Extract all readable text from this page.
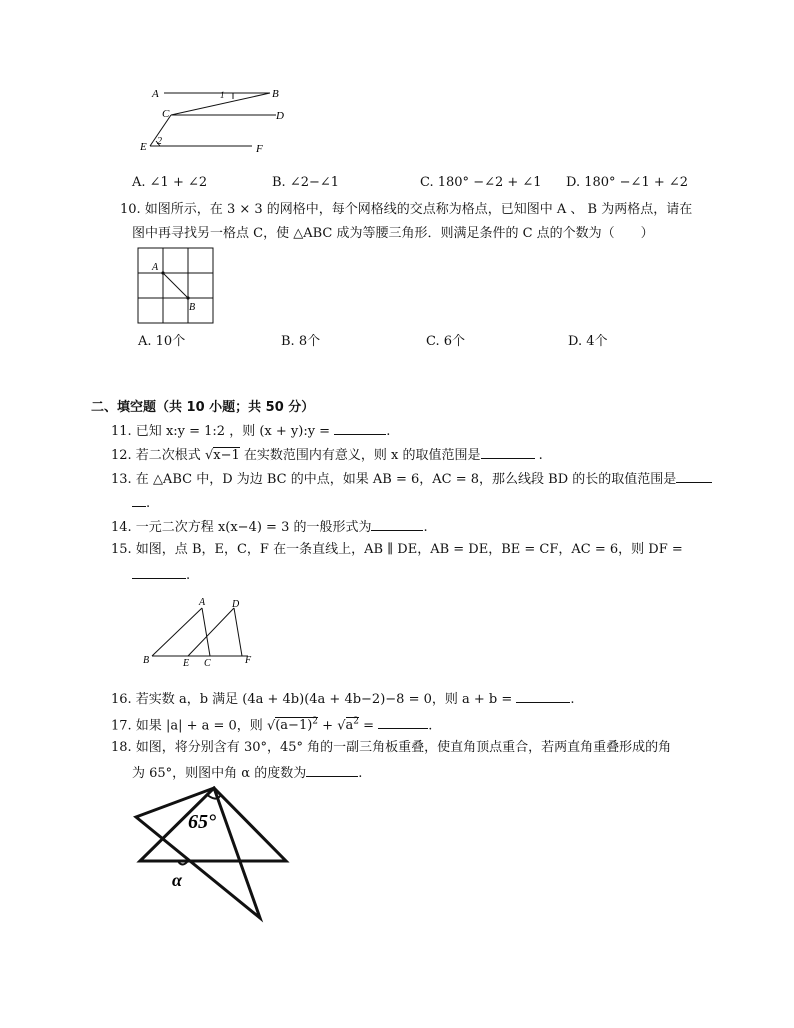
A	B
C	D
E	F
1
2
A. ∠1 + ∠2	B. ∠2−∠1	C. 180° −∠2 + ∠1 D. 180° −∠1 + ∠2
10. 如图所示，在 3 × 3 的网格中，每个网格线的交点称为格点，已知图中 A 、 B 为两格点，请在
图中再寻找另一格点 C，使 △ABC 成为等腰三角形．则满足条件的 C 点的个数为（　　）
A
B
A. 10个	B. 8个	C. 6个	D. 4个
二、填空题（共 10 小题；共 50 分）
11. 已知 x:y = 1:2 ，则 (x + y):y =	.
12. 若二次根式 √x−1 在实数范围内有意义，则 x 的取值范围是	.
13. 在 △ABC 中，D 为边 BC 的中点，如果 AB = 6，AC = 8，那么线段 BD 的长的取值范围是
.
14. 一元二次方程 x(x−4) = 3 的一般形式为	.
15. 如图，点 B，E，C，F 在一条直线上，AB ∥ DE，AB = DE，BE = CF，AC = 6，则 DF =
.
A	D
B	E C	F
16. 若实数 a，b 满足 (4a + 4b)(4a + 4b−2)−8 = 0，则 a + b =	.
17. 如果 |a| + a = 0，则 $√(a-1)^2 + √a^2$ =	.
18. 如图，将分别含有 30°，45° 角的一副三角板重叠，使直角顶点重合，若两直角重叠形成的角
为 65°，则图中角 α 的度数为	.
65°
α
